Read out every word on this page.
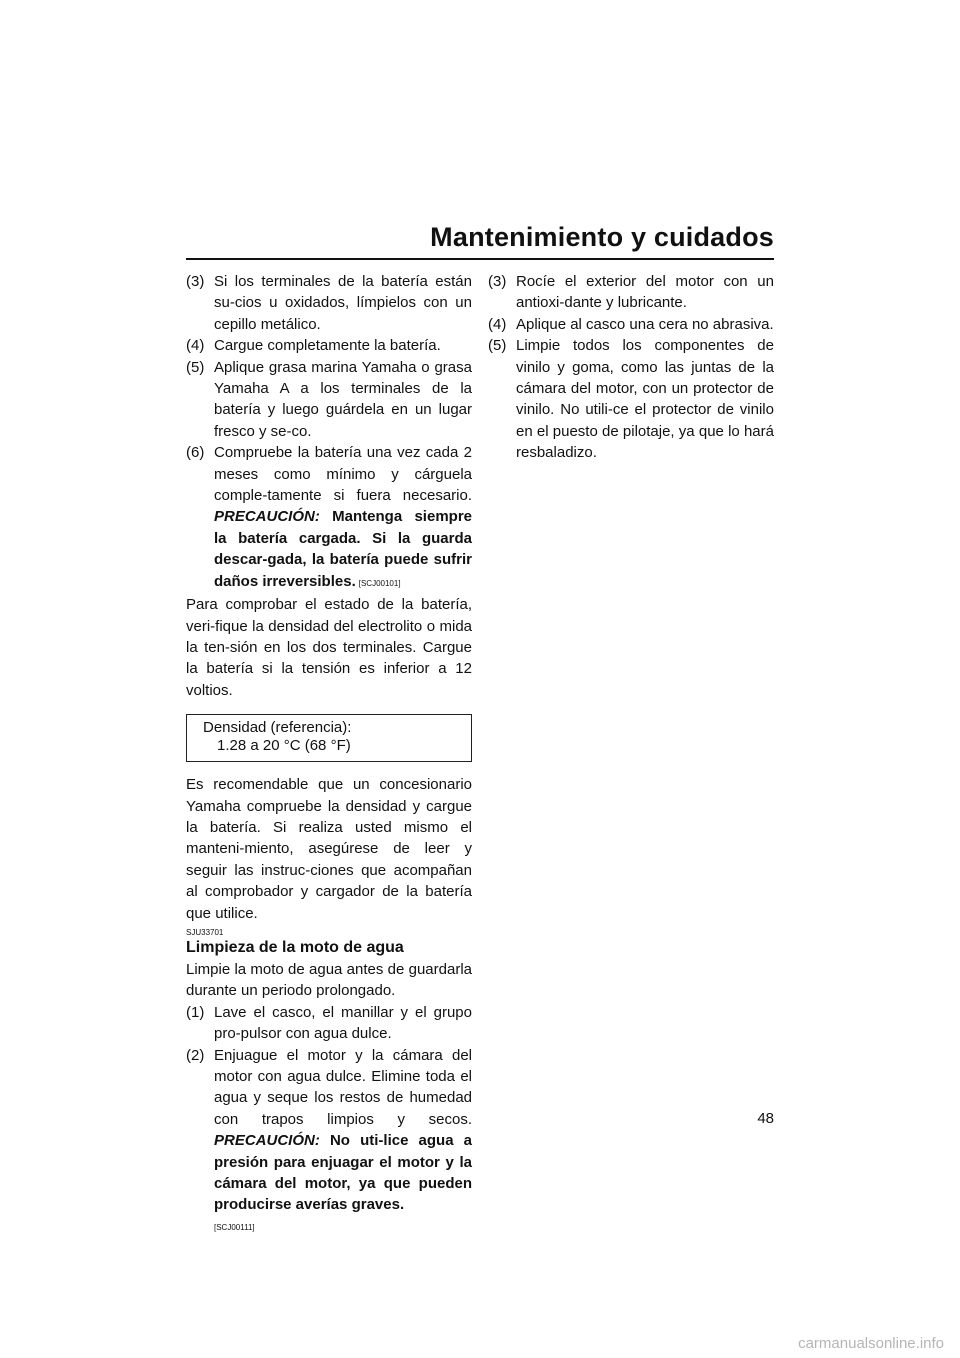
Mantenimiento y cuidados
(3) Si los terminales de la batería están su-cios u oxidados, límpielos con un cepillo metálico.
(4) Cargue completamente la batería.
(5) Aplique grasa marina Yamaha o grasa Yamaha A a los terminales de la batería y luego guárdela en un lugar fresco y se-co.
(6) Compruebe la batería una vez cada 2 meses como mínimo y cárguela comple-tamente si fuera necesario. PRECAUCIÓN: Mantenga siempre la batería cargada. Si la guarda descar-gada, la batería puede sufrir daños irreversibles. [SCJ00101]

Para comprobar el estado de la batería, veri-fique la densidad del electrolito o mida la ten-sión en los dos terminales. Cargue la batería si la tensión es inferior a 12 voltios.

Densidad (referencia):
1.28 a 20 °C (68 °F)

Es recomendable que un concesionario Yamaha compruebe la densidad y cargue la batería. Si realiza usted mismo el manteni-miento, asegúrese de leer y seguir las instruc-ciones que acompañan al comprobador y cargador de la batería que utilice.

SJU33701
Limpieza de la moto de agua

Limpie la moto de agua antes de guardarla durante un periodo prolongado.

(1) Lave el casco, el manillar y el grupo pro-pulsor con agua dulce.
(2) Enjuague el motor y la cámara del motor con agua dulce. Elimine toda el agua y seque los restos de humedad con trapos limpios y secos. PRECAUCIÓN: No uti-lice agua a presión para enjuagar el motor y la cámara del motor, ya que pueden producirse averías graves.
[SCJ00111]
(3) Rocíe el exterior del motor con un antioxi-dante y lubricante.
(4) Aplique al casco una cera no abrasiva.
(5) Limpie todos los componentes de vinilo y goma, como las juntas de la cámara del motor, con un protector de vinilo. No utili-ce el protector de vinilo en el puesto de pilotaje, ya que lo hará resbaladizo.
48
carmanualsonline.info
